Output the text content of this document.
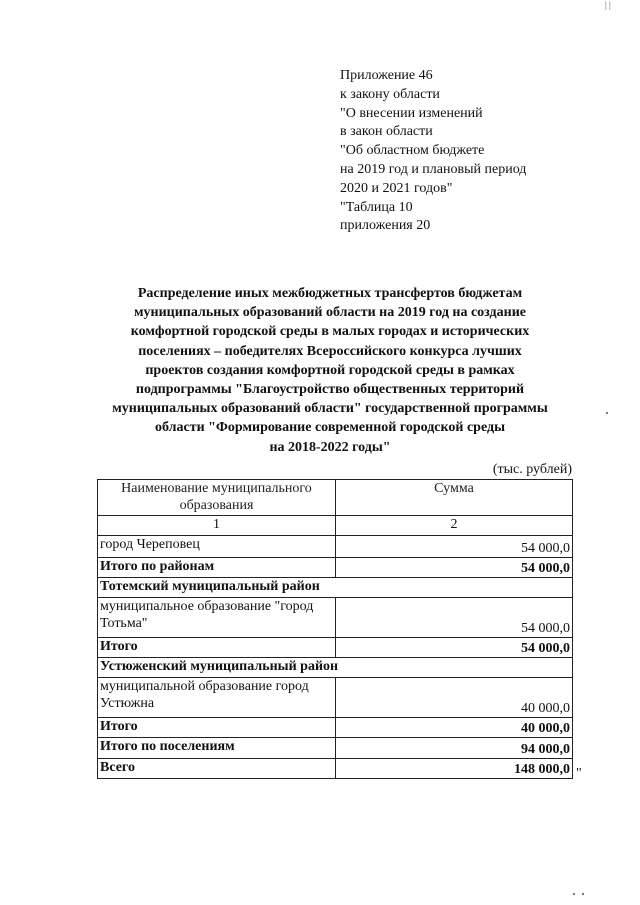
| |
Приложение 46
к закону области
"О внесении изменений
в закон области
"Об областном бюджете
на 2019 год и плановый период
2020 и 2021 годов"
"Таблица 10
приложения 20
Распределение иных межбюджетных трансфертов бюджетам
муниципальных образований области на 2019 год на создание
комфортной городской среды в малых городах и исторических
поселениях – победителях Всероссийского конкурса лучших
проектов создания комфортной городской среды в рамках
подпрограммы "Благоустройство общественных территорий
муниципальных образований области" государственной программы
области "Формирование современной городской среды
на 2018-2022 годы"
(тыс. рублей)
Наименование муниципального образования	Сумма
1	2
город Череповец	54 000,0
Итого по районам	54 000,0
Тотемский муниципальный район	
муниципальное образование "город Тотьма"	54 000,0
Итого	54 000,0
Устюженский муниципальный район	
муниципальной образование город Устюжна	40 000,0
Итого	40 000,0
Итого по поселениям	94 000,0
Всего	148 000,0 "
